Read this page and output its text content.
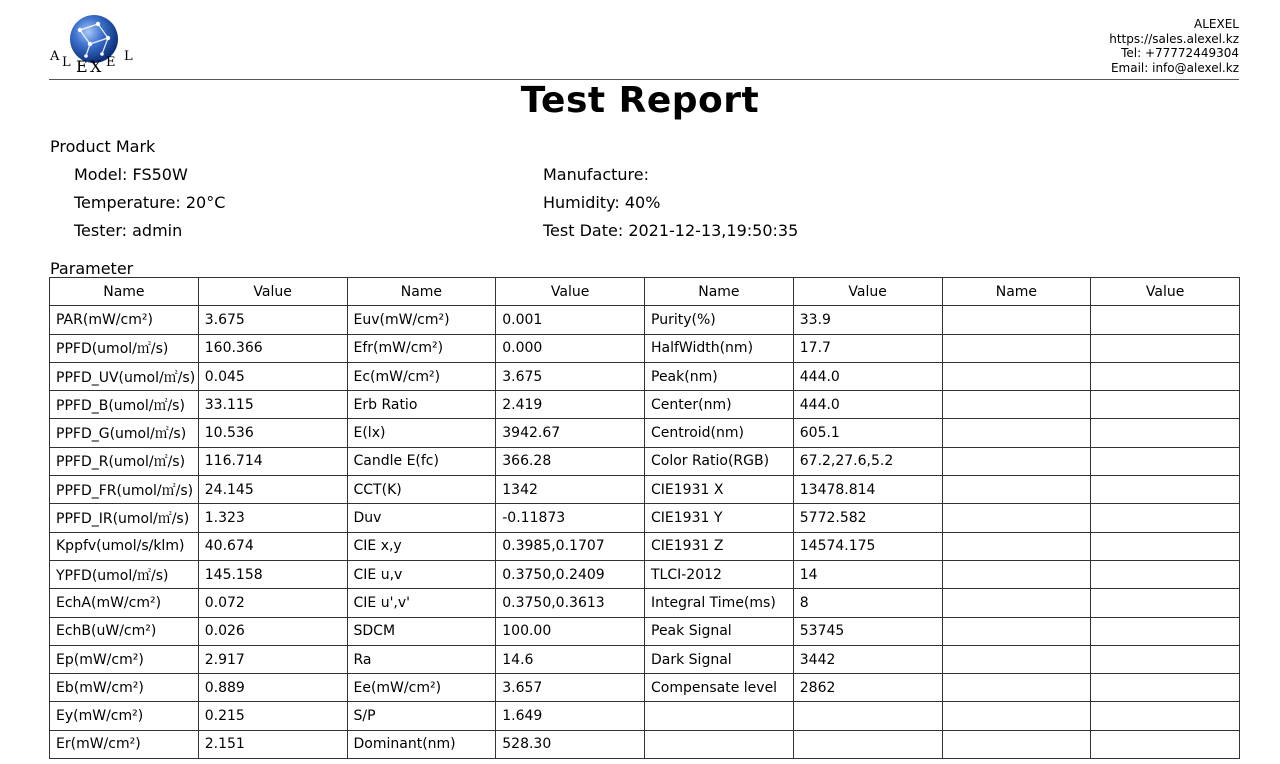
A L E X E L
ALEXEL
https://sales.alexel.kz
Tel: +77772449304
Email: info@alexel.kz
Test Report
Product Mark
Model: FS50W	Manufacture:
Temperature: 20°C	Humidity: 40%
Tester: admin	Test Date: 2021-12-13,19:50:35
Parameter
Name	Value	Name	Value	Name	Value	Name	Value
PAR(mW/cm²)	3.675	Euv(mW/cm²)	0.001	Purity(%)	33.9		
PPFD(umol/㎡/s)	160.366	Efr(mW/cm²)	0.000	HalfWidth(nm)	17.7		
PPFD_UV(umol/㎡/s)	0.045	Ec(mW/cm²)	3.675	Peak(nm)	444.0		
PPFD_B(umol/㎡/s)	33.115	Erb Ratio	2.419	Center(nm)	444.0		
PPFD_G(umol/㎡/s)	10.536	E(lx)	3942.67	Centroid(nm)	605.1		
PPFD_R(umol/㎡/s)	116.714	Candle E(fc)	366.28	Color Ratio(RGB)	67.2,27.6,5.2		
PPFD_FR(umol/㎡/s)	24.145	CCT(K)	1342	CIE1931 X	13478.814		
PPFD_IR(umol/㎡/s)	1.323	Duv	-0.11873	CIE1931 Y	5772.582		
Kppfv(umol/s/klm)	40.674	CIE x,y	0.3985,0.1707	CIE1931 Z	14574.175		
YPFD(umol/㎡/s)	145.158	CIE u,v	0.3750,0.2409	TLCI-2012	14		
EchA(mW/cm²)	0.072	CIE u',v'	0.3750,0.3613	Integral Time(ms)	8		
EchB(uW/cm²)	0.026	SDCM	100.00	Peak Signal	53745		
Ep(mW/cm²)	2.917	Ra	14.6	Dark Signal	3442		
Eb(mW/cm²)	0.889	Ee(mW/cm²)	3.657	Compensate level	2862		
Ey(mW/cm²)	0.215	S/P	1.649				
Er(mW/cm²)	2.151	Dominant(nm)	528.30				
